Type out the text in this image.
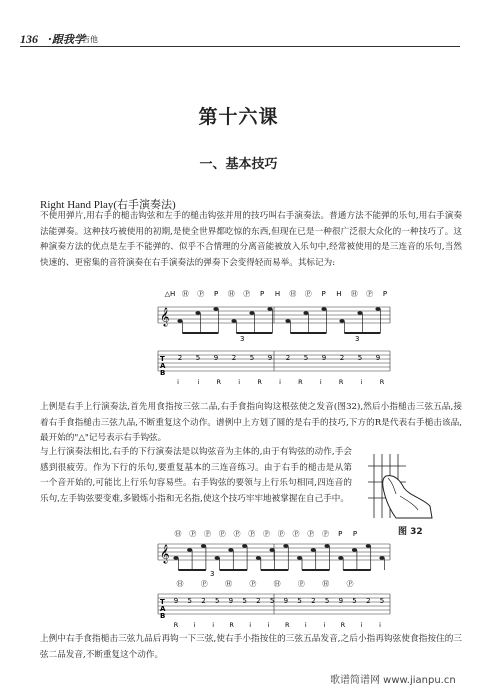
136 ·跟我学
吉他
第十六课
一、基本技巧
Right Hand Play(右手演奏法)
不使用弹片,用右手的槌击钩弦和左手的槌击钩弦并用的技巧叫右手演奏法。普通方法不能弹的乐句,用右手演奏法能弹奏。这种技巧被使用的初期,是使全世界都吃惊的东西,但现在已是一种很广泛很大众化的一种技巧了。这种演奏方法的优点是左手不能弹的、似乎不合情理的分离音能被放入乐句中,经常被使用的是三连音的乐句,当然快速的、更密集的音符演奏在右手演奏法的弹奏下会变得轻而易举。其标记为:
△H Ⓗ Ⓟ P Ⓗ Ⓟ P H Ⓗ Ⓟ P H Ⓗ Ⓟ P
𝄞
3	3
T
A
B
2 5 9 2 5 9 2 5 9 2 5 9
i	i	R	i	R	i	R	i	R	i	R
上例是右手上行演奏法,首先用食指按三弦二品,右手食指向钩这根弦使之发音(图32),然后小指槌击三弦五品,接着右手食指槌击三弦九品,不断重复这个动作。谱例中上方划了圆的是右手的技巧,下方的R是代表右手槌击该品,最开始的"△"记号表示右手钩弦。
与上行演奏法相比,右手的下行演奏法是以钩弦音为主体的,由于有钩弦的动作,手会感到很疲劳。作为下行的乐句,要重复基本的三连音练习。由于右手的槌击是从第一个音开始的,可能比上行乐句容易些。右手钩弦的要领与上行乐句相同,四连音的乐句,左手钩弦要变难,多锻炼小指和无名指,使这个技巧牢牢地被掌握在自己手中。
图 32
Ⓗ Ⓟ Ⓟ Ⓟ Ⓟ Ⓟ Ⓟ Ⓟ Ⓟ Ⓟ Ⓟ P P
𝄞
3
Ⓗ Ⓟ Ⓗ Ⓟ Ⓗ Ⓟ Ⓗ Ⓟ
T
A
B
9 5 2 5 9 5 2 5 9 5 2 5 9 5 2 5
R i	i R i	i R i	i R i	i
上例中右手食指槌击三弦九品后再钩一下三弦,使右手小指按住的三弦五品发音,之后小指再钩弦使食指按住的三弦二品发音,不断重复这个动作。
歌谱简谱网 www.jianpu.cn
